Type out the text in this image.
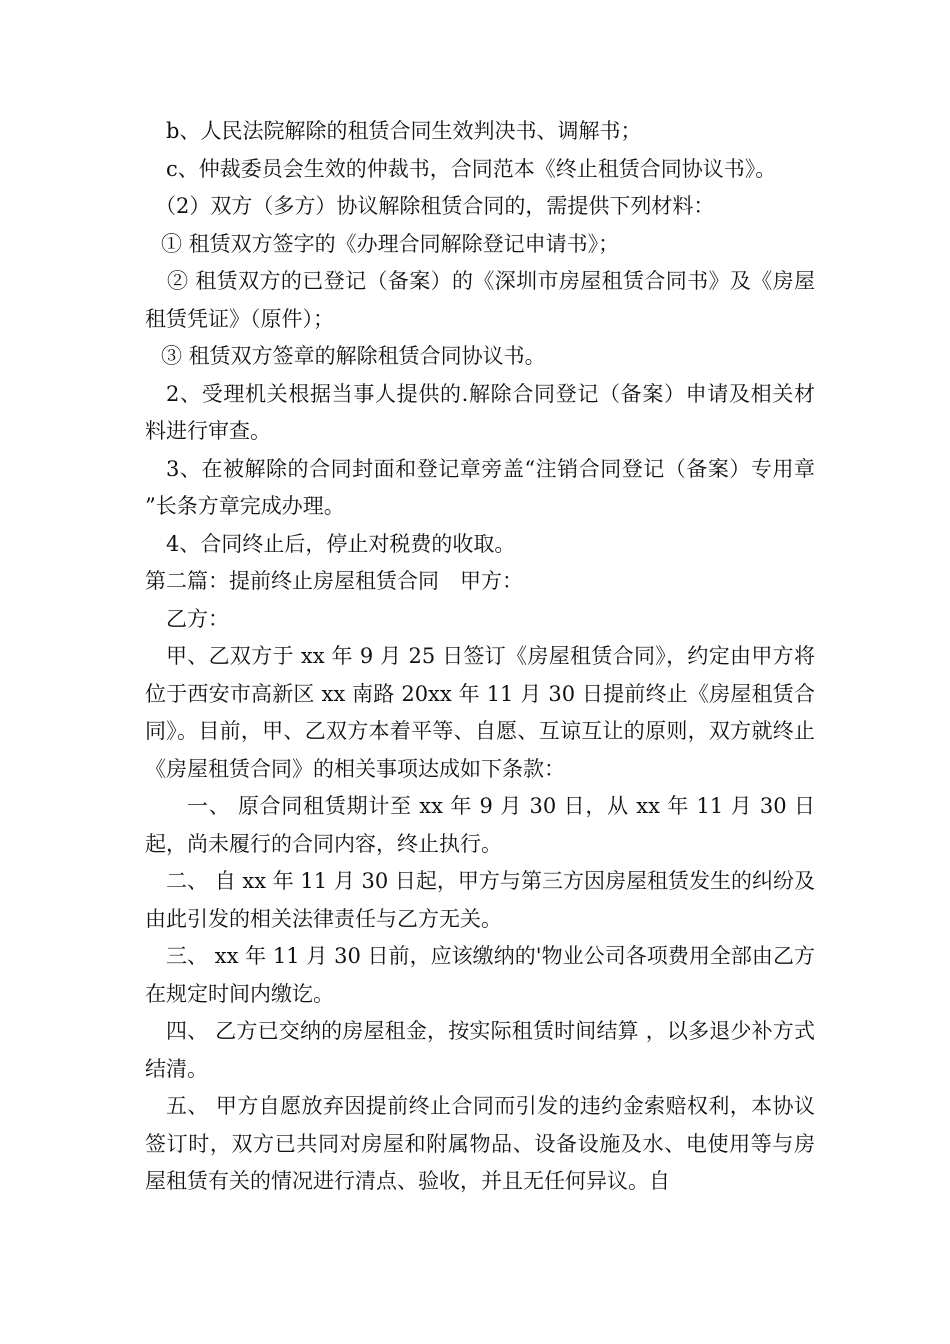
b、人民法院解除的租赁合同生效判决书、调解书；

c、仲裁委员会生效的仲裁书，合同范本《终止租赁合同协议书》。

（2）双方（多方）协议解除租赁合同的，需提供下列材料：

① 租赁双方签字的《办理合同解除登记申请书》；

② 租赁双方的已登记（备案）的《深圳市房屋租赁合同书》及《房屋租赁凭证》（原件）；

③ 租赁双方签章的解除租赁合同协议书。

2、受理机关根据当事人提供的.解除合同登记（备案）申请及相关材料进行审查。

3、在被解除的合同封面和登记章旁盖“注销合同登记（备案）专用章 ”长条方章完成办理。

4、合同终止后，停止对税费的收取。

第二篇：提前终止房屋租赁合同　甲方：

乙方：

甲、乙双方于 xx 年 9 月 25 日签订《房屋租赁合同》，约定由甲方将位于西安市高新区 xx 南路 20xx 年 11 月 30 日提前终止《房屋租赁合同》。目前，甲、乙双方本着平等、自愿、互谅互让的原则，双方就终止《房屋租赁合同》的相关事项达成如下条款：

一、 原合同租赁期计至 xx 年 9 月 30 日，从 xx 年 11 月 30 日起，尚未履行的合同内容，终止执行。

二、 自 xx 年 11 月 30 日起，甲方与第三方因房屋租赁发生的纠纷及由此引发的相关法律责任与乙方无关。

三、 xx 年 11 月 30 日前，应该缴纳的'物业公司各项费用全部由乙方在规定时间内缴讫。

四、 乙方已交纳的房屋租金，按实际租赁时间结算 ，以多退少补方式结清。

五、 甲方自愿放弃因提前终止合同而引发的违约金索赔权利，本协议签订时，双方已共同对房屋和附属物品、设备设施及水、电使用等与房屋租赁有关的情况进行清点、验收，并且无任何异议。自
